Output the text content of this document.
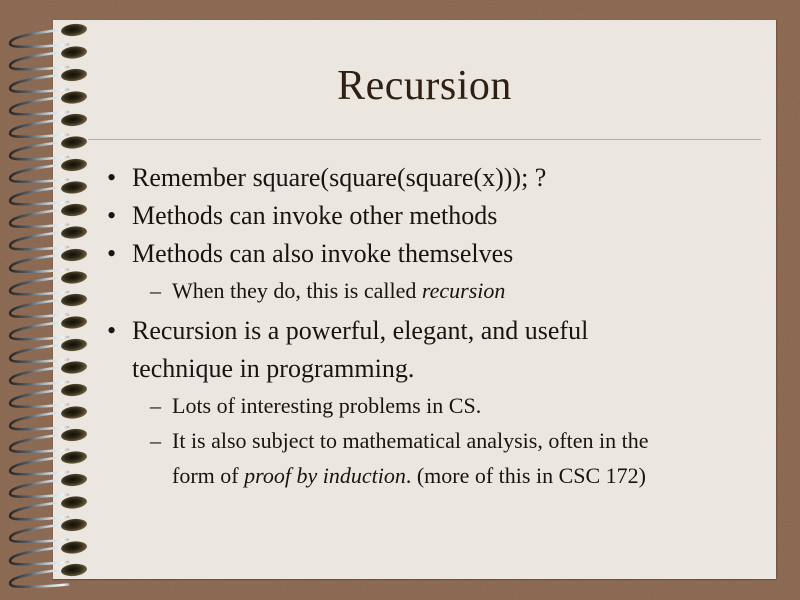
Recursion
• Remember square(square(square(x))); ?
• Methods can invoke other methods
• Methods can also invoke themselves
– When they do, this is called recursion
• Recursion is a powerful, elegant, and useful
technique in programming.
– Lots of interesting problems in CS.
– It is also subject to mathematical analysis, often in the
form of proof by induction. (more of this in CSC 172)
